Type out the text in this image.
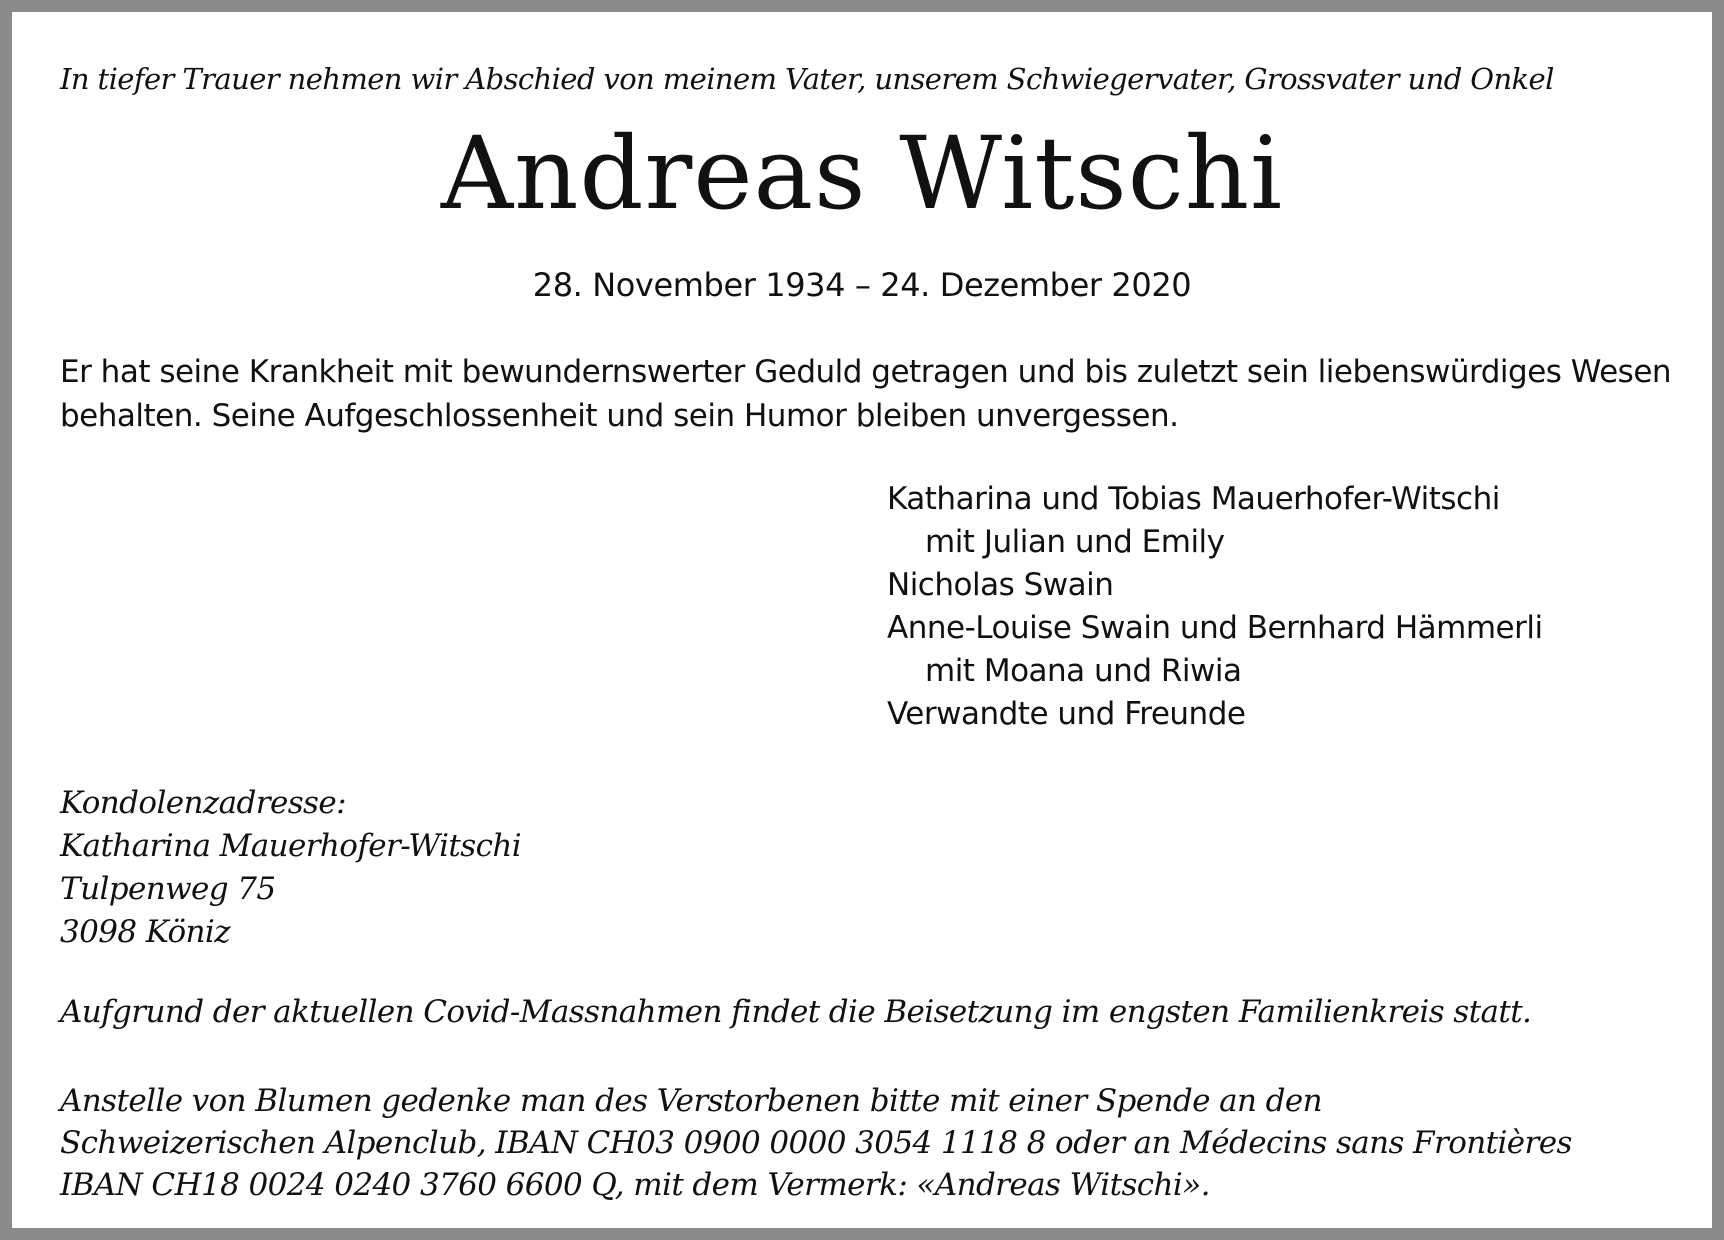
In tiefer Trauer nehmen wir Abschied von meinem Vater, unserem Schwiegervater, Grossvater und Onkel
Andreas Witschi
28. November 1934 – 24. Dezember 2020
Er hat seine Krankheit mit bewundernswerter Geduld getragen und bis zuletzt sein liebenswürdiges Wesen
behalten. Seine Aufgeschlossenheit und sein Humor bleiben unvergessen.
Katharina und Tobias Mauerhofer-Witschi
mit Julian und Emily
Nicholas Swain
Anne-Louise Swain und Bernhard Hämmerli
mit Moana und Riwia
Verwandte und Freunde
Kondolenzadresse:
Katharina Mauerhofer-Witschi
Tulpenweg 75
3098 Köniz
Aufgrund der aktuellen Covid-Massnahmen findet die Beisetzung im engsten Familienkreis statt.
Anstelle von Blumen gedenke man des Verstorbenen bitte mit einer Spende an den
Schweizerischen Alpenclub, IBAN CH03 0900 0000 3054 1118 8 oder an Médecins sans Frontières
IBAN CH18 0024 0240 3760 6600 Q, mit dem Vermerk: «Andreas Witschi».
